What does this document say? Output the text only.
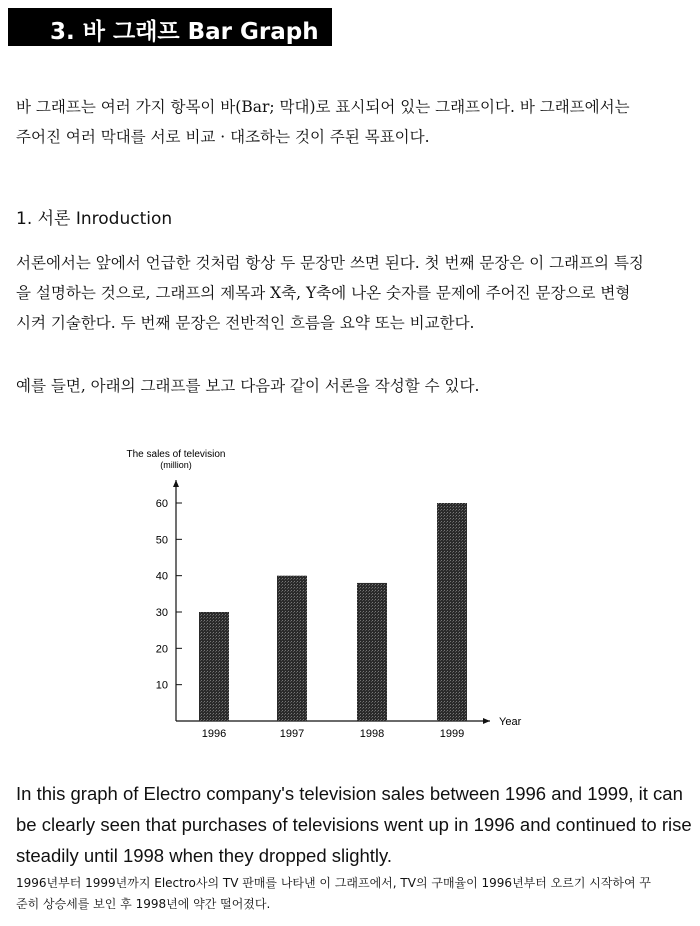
3. 바 그래프 Bar Graph
바 그래프는 여러 가지 항목이 바(Bar; 막대)로 표시되어 있는 그래프이다. 바 그래프에서는
주어진 여러 막대를 서로 비교 · 대조하는 것이 주된 목표이다.
1. 서론 Inroduction
서론에서는 앞에서 언급한 것처럼 항상 두 문장만 쓰면 된다. 첫 번째 문장은 이 그래프의 특징
을 설명하는 것으로, 그래프의 제목과 X축, Y축에 나온 숫자를 문제에 주어진 문장으로 변형
시켜 기술한다. 두 번째 문장은 전반적인 흐름을 요약 또는 비교한다.
예를 들면, 아래의 그래프를 보고 다음과 같이 서론을 작성할 수 있다.
The sales of television
(million)
Year
10
20
30
40
50
60
1996	1997	1998	1999
In this graph of Electro company's television sales between 1996 and 1999, it can
be clearly seen that purchases of televisions went up in 1996 and continued to rise
steadily until 1998 when they dropped slightly.
1996년부터 1999년까지 Electro사의 TV 판매를 나타낸 이 그래프에서, TV의 구매율이 1996년부터 오르기 시작하여 꾸
준히 상승세를 보인 후 1998년에 약간 떨어졌다.
